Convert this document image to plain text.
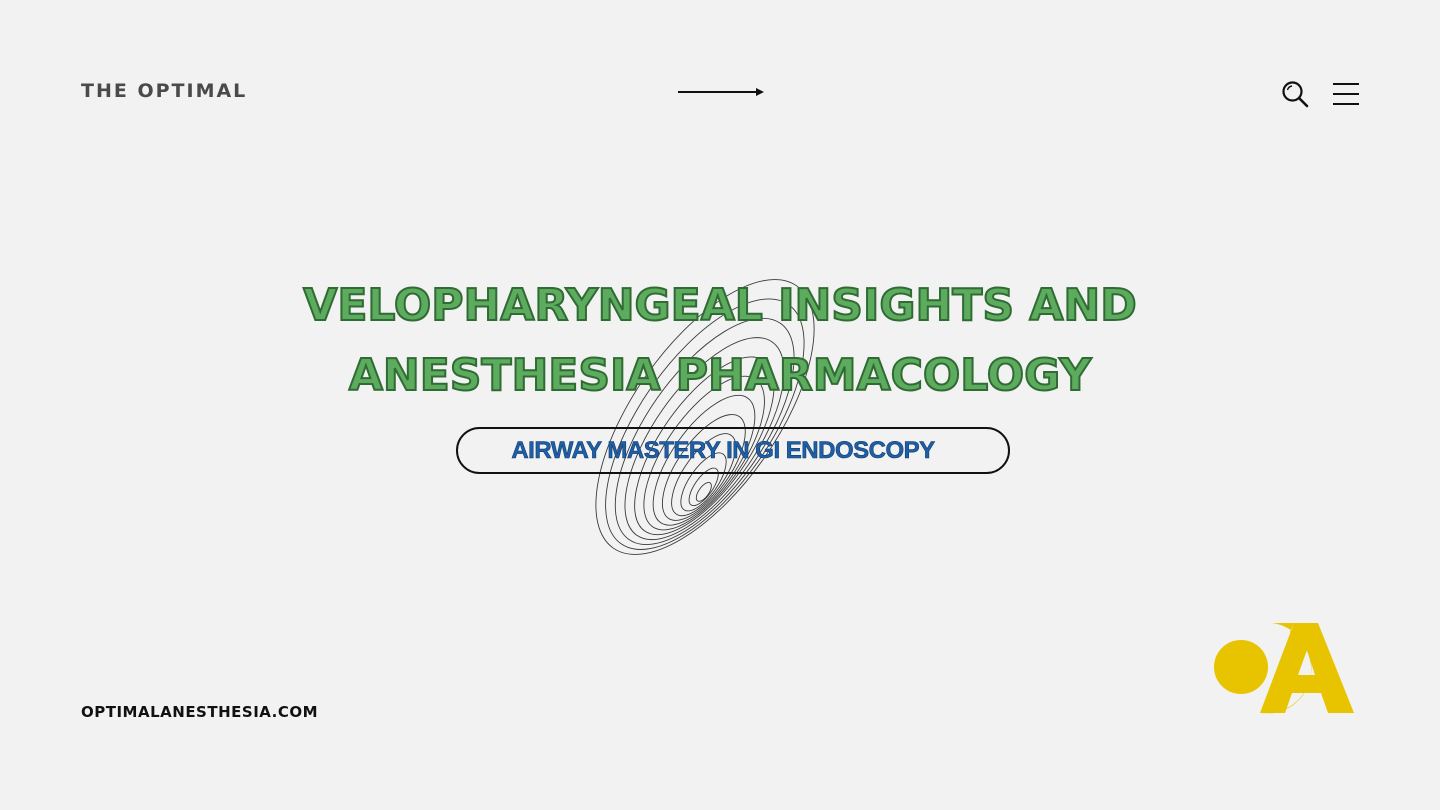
THE OPTIMAL
VELOPHARYNGEAL INSIGHTS AND
ANESTHESIA PHARMACOLOGY
AIRWAY MASTERY IN GI ENDOSCOPY
OPTIMALANESTHESIA.COM
